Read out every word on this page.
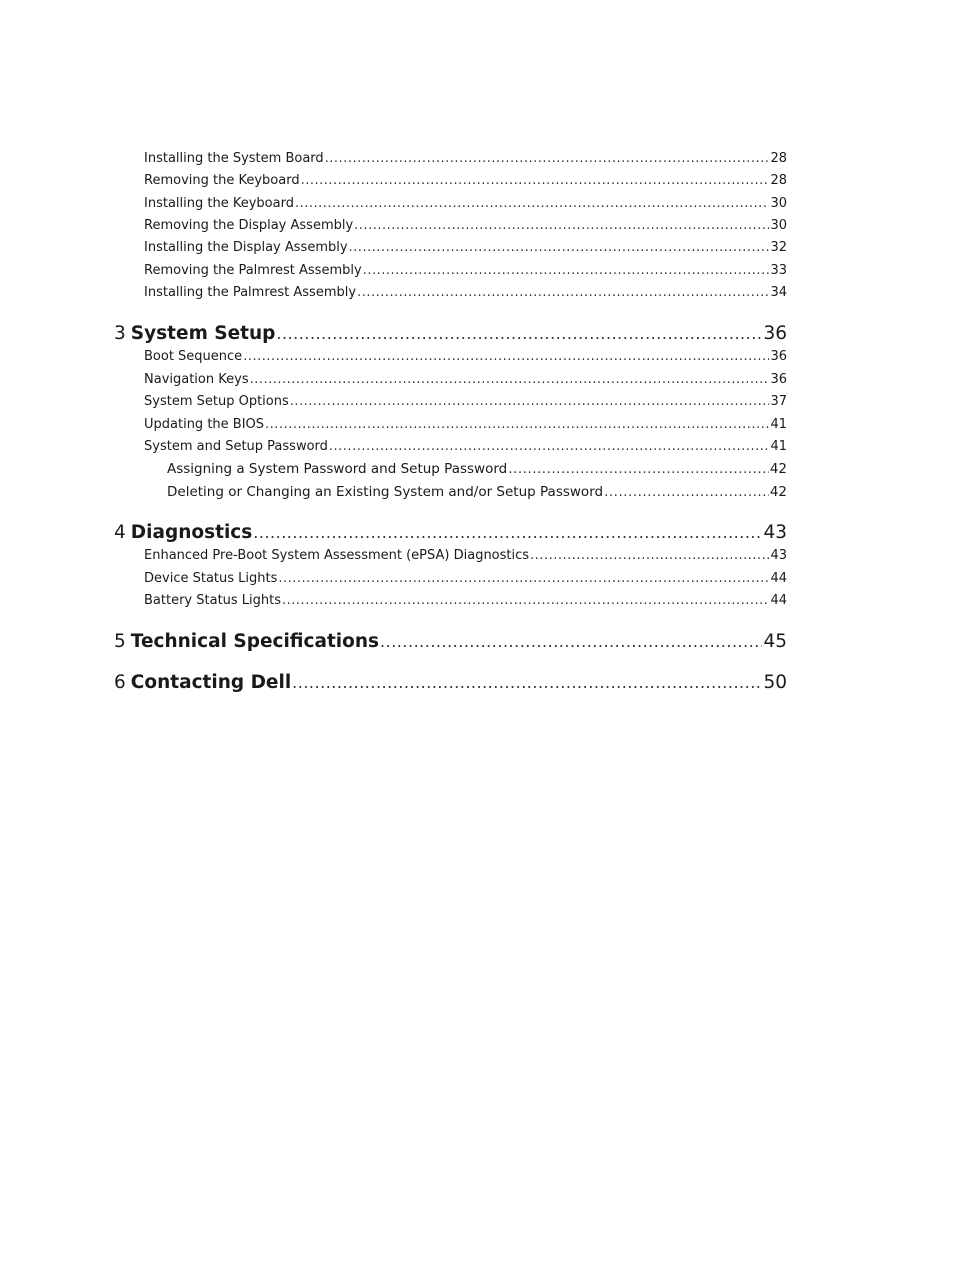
Installing the System Board .....	28
Removing the Keyboard .....	28
Installing the Keyboard .....	30
Removing the Display Assembly .....	30
Installing the Display Assembly .....	32
Removing the Palmrest Assembly .....	33
Installing the Palmrest Assembly .....	34
3 System Setup .....	36
Boot Sequence .....	36
Navigation Keys .....	36
System Setup Options .....	37
Updating the BIOS .....	41
System and Setup Password .....	41
Assigning a System Password and Setup Password .....	42
Deleting or Changing an Existing System and/or Setup Password .....	42
4 Diagnostics .....	43
Enhanced Pre-Boot System Assessment (ePSA) Diagnostics .....	43
Device Status Lights .....	44
Battery Status Lights .....	44
5 Technical Specifications .....	45
6 Contacting Dell .....	50
